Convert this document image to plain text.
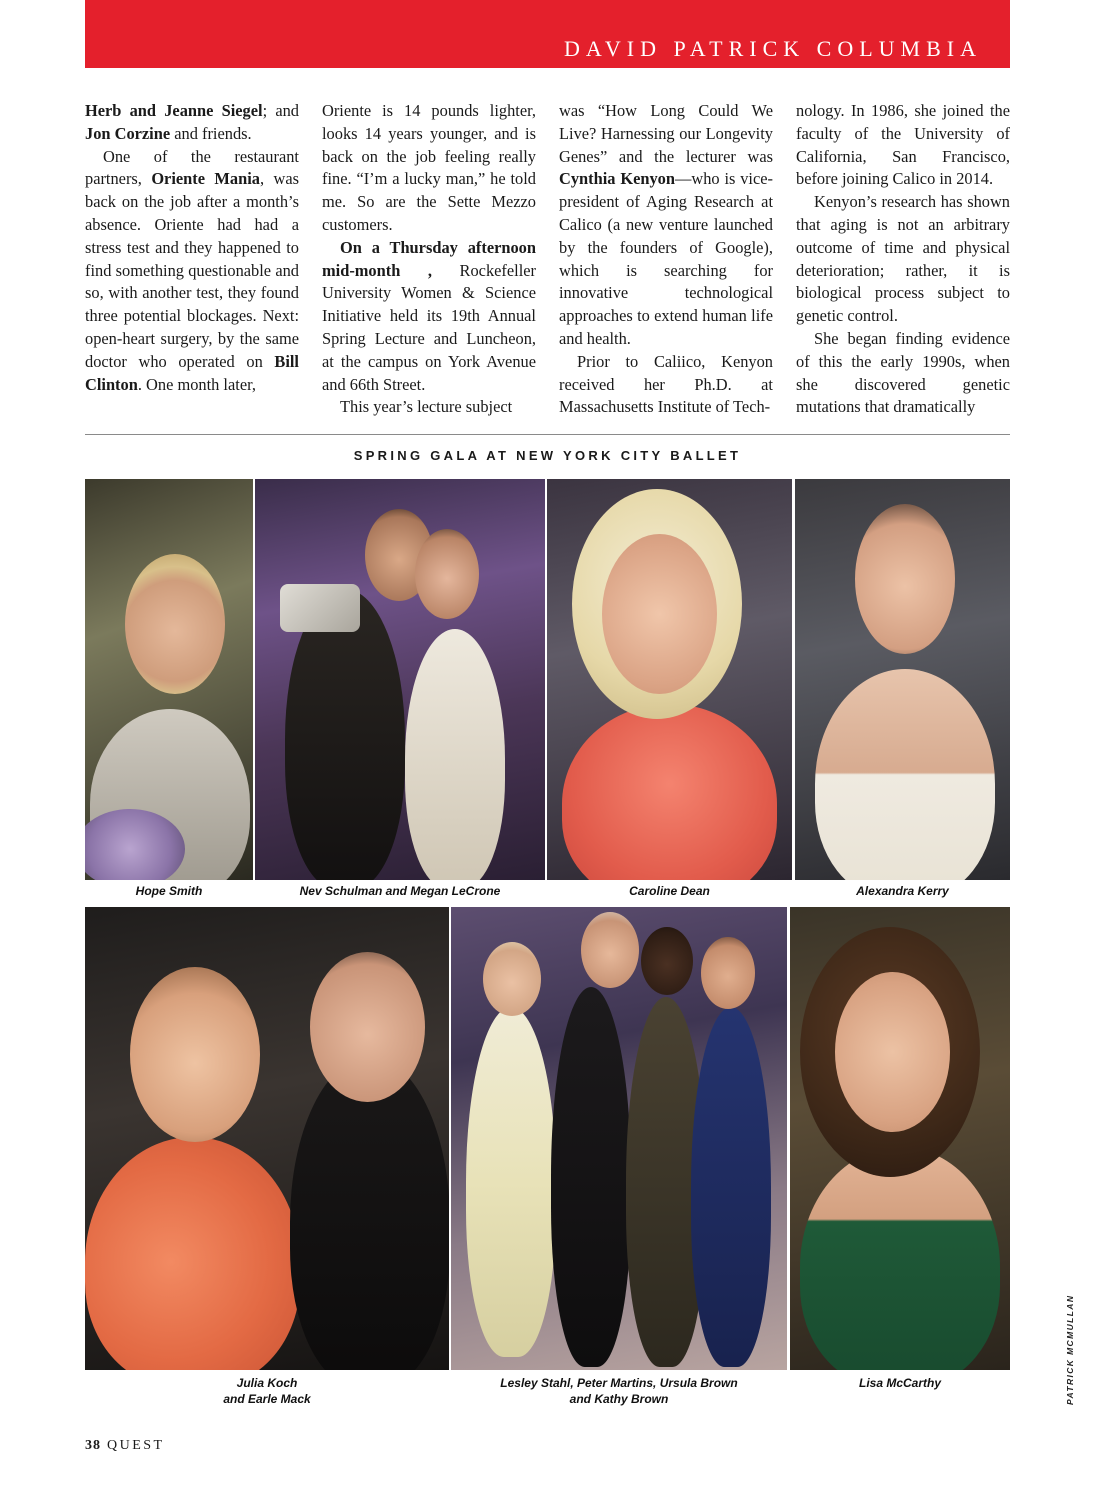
DAVID PATRICK COLUMBIA

Herb and Jeanne Siegel; and Jon Corzine and friends.

One of the restaurant partners, Oriente Mania, was back on the job after a month’s absence. Oriente had had a stress test and they happened to find something questionable and so, with another test, they found three potential blockages. Next: open-heart surgery, by the same doctor who operated on Bill Clinton. One month later,

Oriente is 14 pounds lighter, looks 14 years younger, and is back on the job feeling really fine. “I’m a lucky man,” he told me. So are the Sette Mezzo customers.

On a Thursday afternoon mid-month , Rockefeller University Women & Science Initiative held its 19th Annual Spring Lecture and Luncheon, at the campus on York Avenue and 66th Street.

This year’s lecture subject

was “How Long Could We Live? Harnessing our Longevity Genes” and the lecturer was Cynthia Kenyon—who is vice-president of Aging Research at Calico (a new venture launched by the founders of Google), which is searching for innovative technological approaches to extend human life and health.

Prior to Caliico, Kenyon received her Ph.D. at Massachusetts Institute of Tech-

nology. In 1986, she joined the faculty of the University of California, San Francisco, before joining Calico in 2014.

Kenyon’s research has shown that aging is not an arbitrary outcome of time and physical deterioration; rather, it is biological process subject to genetic control.

She began finding evidence of this the early 1990s, when she discovered genetic mutations that dramatically

SPRING GALA AT NEW YORK CITY BALLET
Hope Smith	Nev Schulman and Megan LeCrone	Caroline Dean	Alexandra Kerry
Julia Koch
and Earle Mack
Lesley Stahl, Peter Martins, Ursula Brown
and Kathy Brown
Lisa McCarthy	PATRICK MCMULLAN
38 QUEST
